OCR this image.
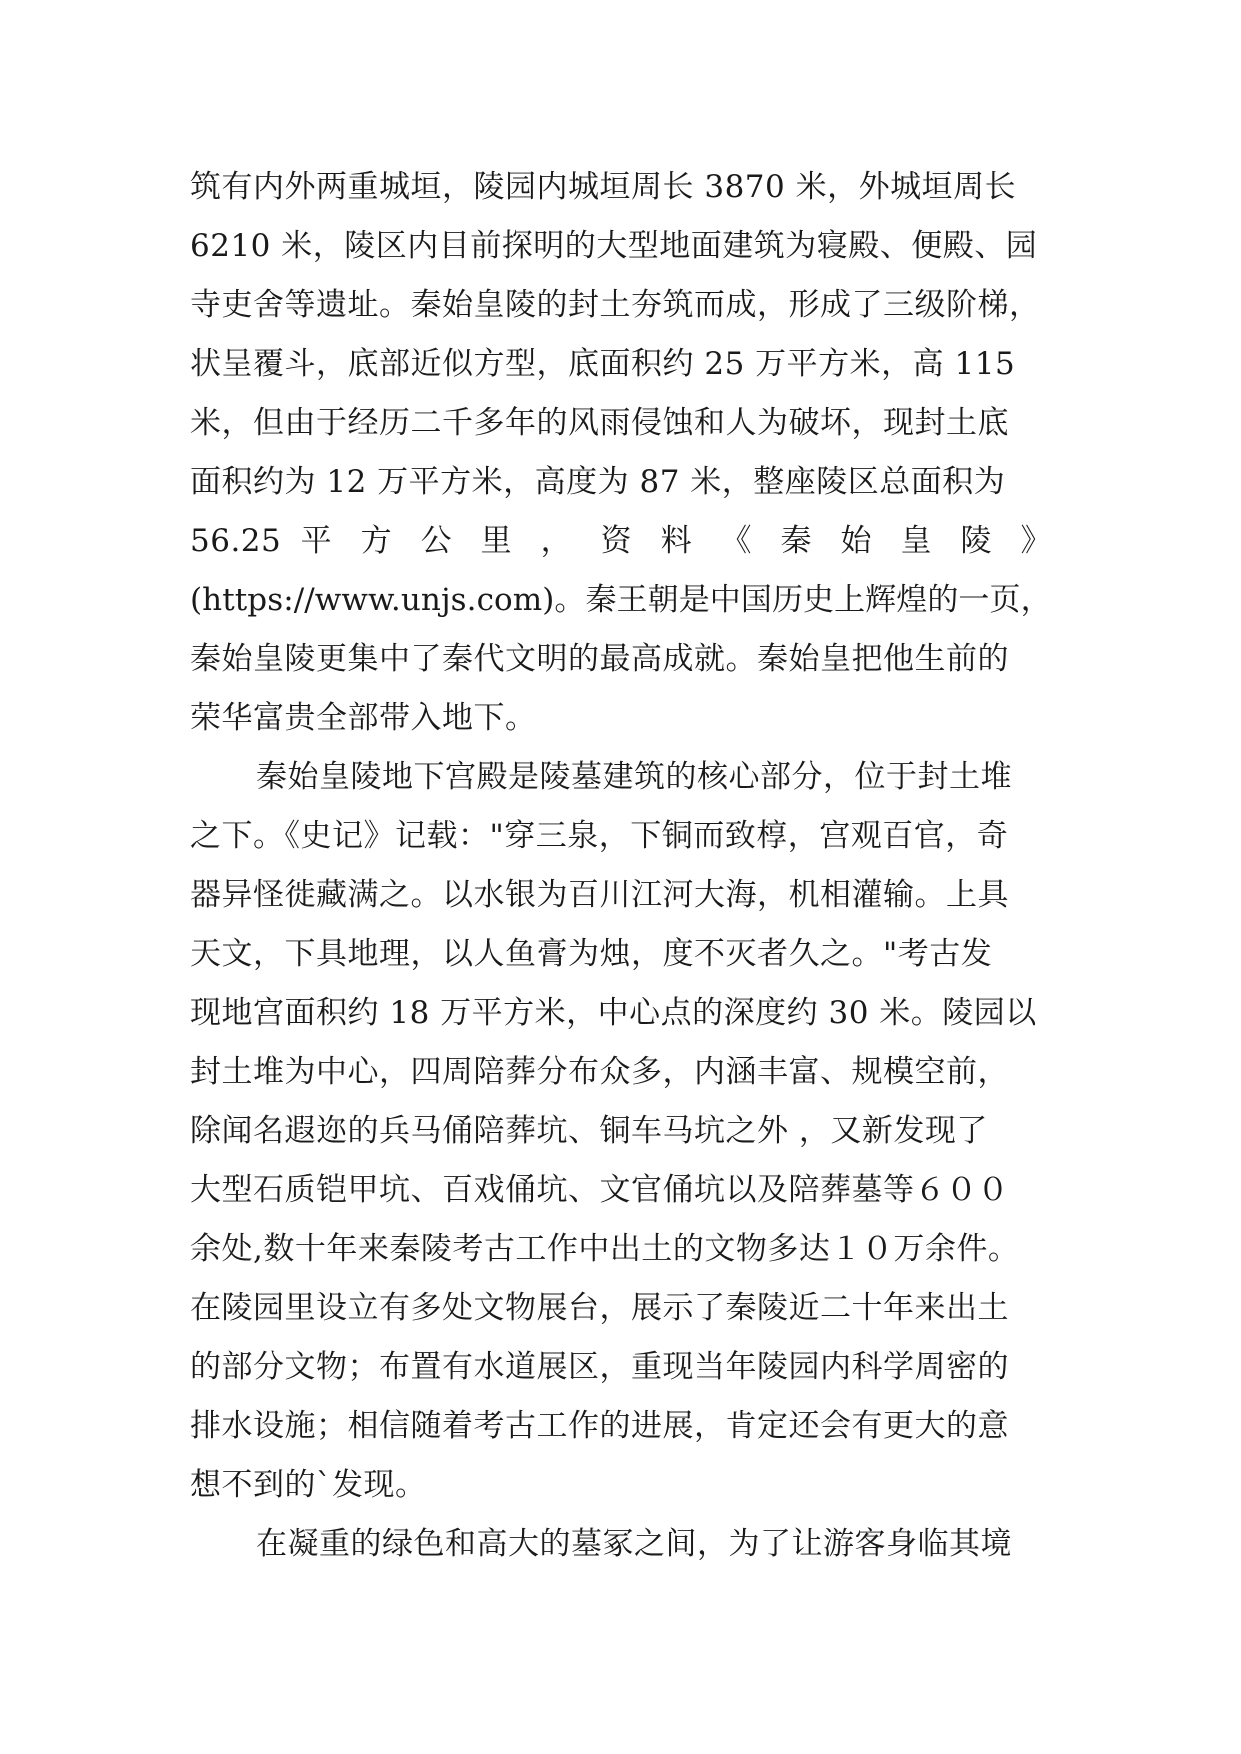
筑有内外两重城垣，陵园内城垣周长 3870 米，外城垣周长
6210 米，陵区内目前探明的大型地面建筑为寝殿、便殿、园
寺吏舍等遗址。秦始皇陵的封土夯筑而成，形成了三级阶梯，
状呈覆斗，底部近似方型，底面积约 25 万平方米，高 115
米，但由于经历二千多年的风雨侵蚀和人为破坏，现封土底
面积约为 12 万平方米，高度为 87 米，整座陵区总面积为
56.25 平 方 公 里 ， 资 料 《 秦 始 皇 陵 》
(https://www.unjs.com)。秦王朝是中国历史上辉煌的一页，
秦始皇陵更集中了秦代文明的最高成就。秦始皇把他生前的
荣华富贵全部带入地下。
秦始皇陵地下宫殿是陵墓建筑的核心部分，位于封土堆
之下。《史记》记载："穿三泉，下铜而致椁，宫观百官，奇
器异怪徙藏满之。以水银为百川江河大海，机相灌输。上具
天文，下具地理，以人鱼膏为烛，度不灭者久之。"考古发
现地宫面积约 18 万平方米，中心点的深度约 30 米。陵园以
封土堆为中心，四周陪葬分布众多，内涵丰富、规模空前，
除闻名遐迩的兵马俑陪葬坑、铜车马坑之外 ，又新发现了
大型石质铠甲坑、百戏俑坑、文官俑坑以及陪葬墓等６００
余处,数十年来秦陵考古工作中出土的文物多达１０万余件。
在陵园里设立有多处文物展台，展示了秦陵近二十年来出土
的部分文物；布置有水道展区，重现当年陵园内科学周密的
排水设施；相信随着考古工作的进展，肯定还会有更大的意
想不到的`发现。
在凝重的绿色和高大的墓冢之间，为了让游客身临其境
